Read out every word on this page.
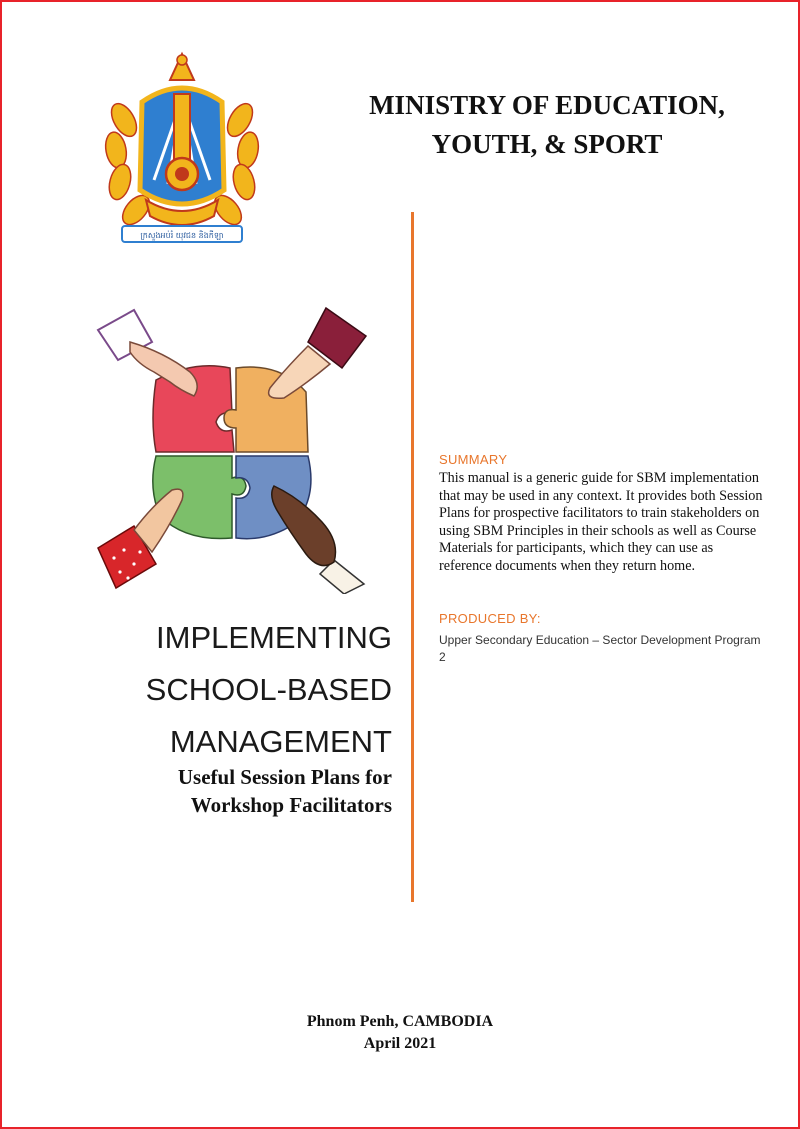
ក្រសួងអប់រំ យុវជន និងកីឡា
MINISTRY OF EDUCATION,
YOUTH, & SPORT
IMPLEMENTING
SCHOOL-BASED
MANAGEMENT
Useful Session Plans for
Workshop Facilitators
SUMMARY
This manual is a generic guide for SBM implementation that may be used in any context. It provides both Session Plans for prospective facilitators to train stakeholders on using SBM Principles in their schools as well as Course Materials for participants, which they can use as reference documents when they return home.
PRODUCED BY:
Upper Secondary Education – Sector Development Program 2
Phnom Penh, CAMBODIA
April 2021
